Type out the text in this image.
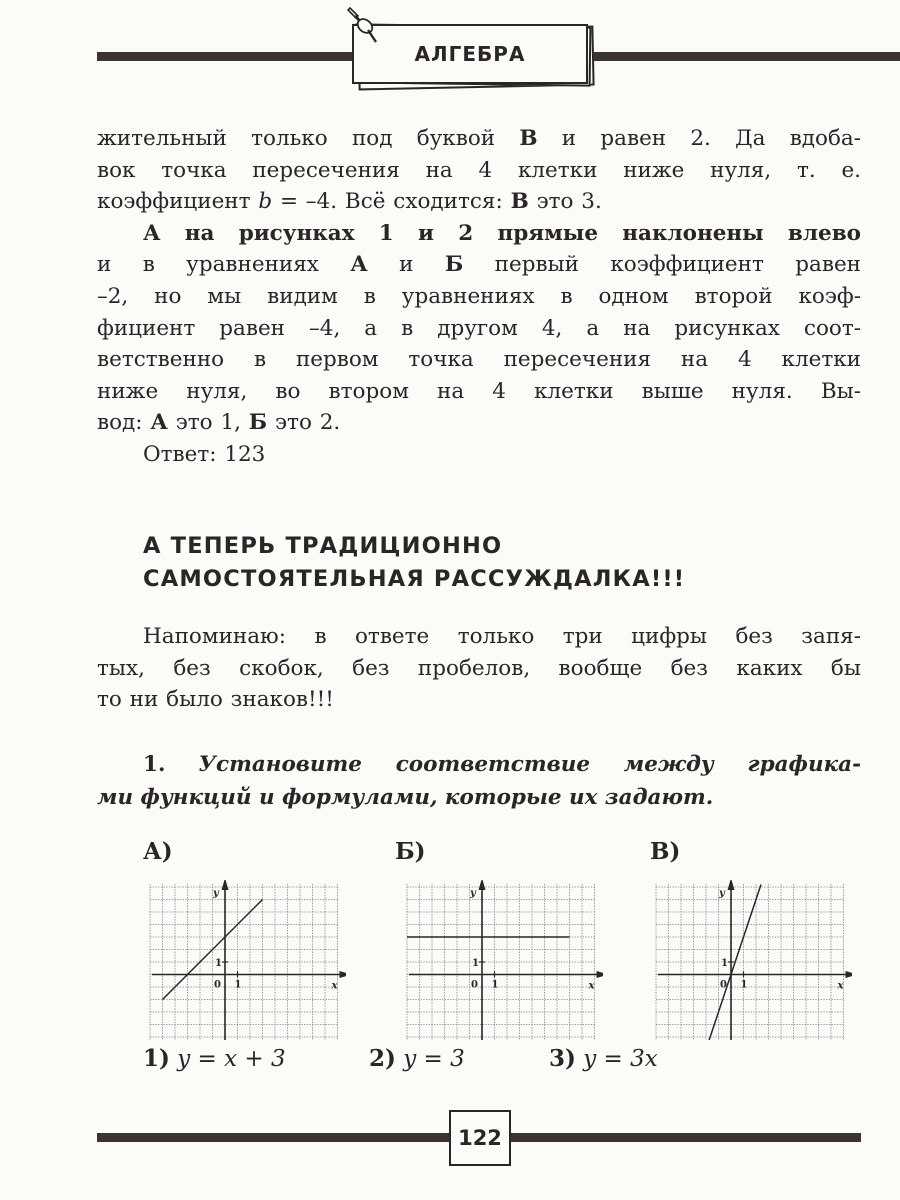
АЛГЕБРА
жительный только под буквой В и равен 2. Да вдоба-
вок точка пересечения на 4 клетки ниже нуля, т. е.
коэффициент b = –4. Всё сходится: В это 3.
А на рисунках 1 и 2 прямые наклонены влево
и в уравнениях А и Б первый коэффициент равен
–2, но мы видим в уравнениях в одном второй коэф-
фициент равен –4, а в другом 4, а на рисунках соот-
ветственно в первом точка пересечения на 4 клетки
ниже нуля, во втором на 4 клетки выше нуля. Вы-
вод: А это 1, Б это 2.
Ответ: 123
А ТЕПЕРЬ ТРАДИЦИОННО
САМОСТОЯТЕЛЬНАЯ РАССУЖДАЛКА!!!
Напоминаю: в ответе только три цифры без запя-
тых, без скобок, без пробелов, вообще без каких бы
то ни было знаков!!!
1. Установите соответствие между графика-
ми функций и формулами, которые их задают.
А)	Б)	В)
y
x
0
1
1
y
x
0
1
1
y
x
0
1
1
1) y = x + 3	2) y = 3	3) y = 3x
122
